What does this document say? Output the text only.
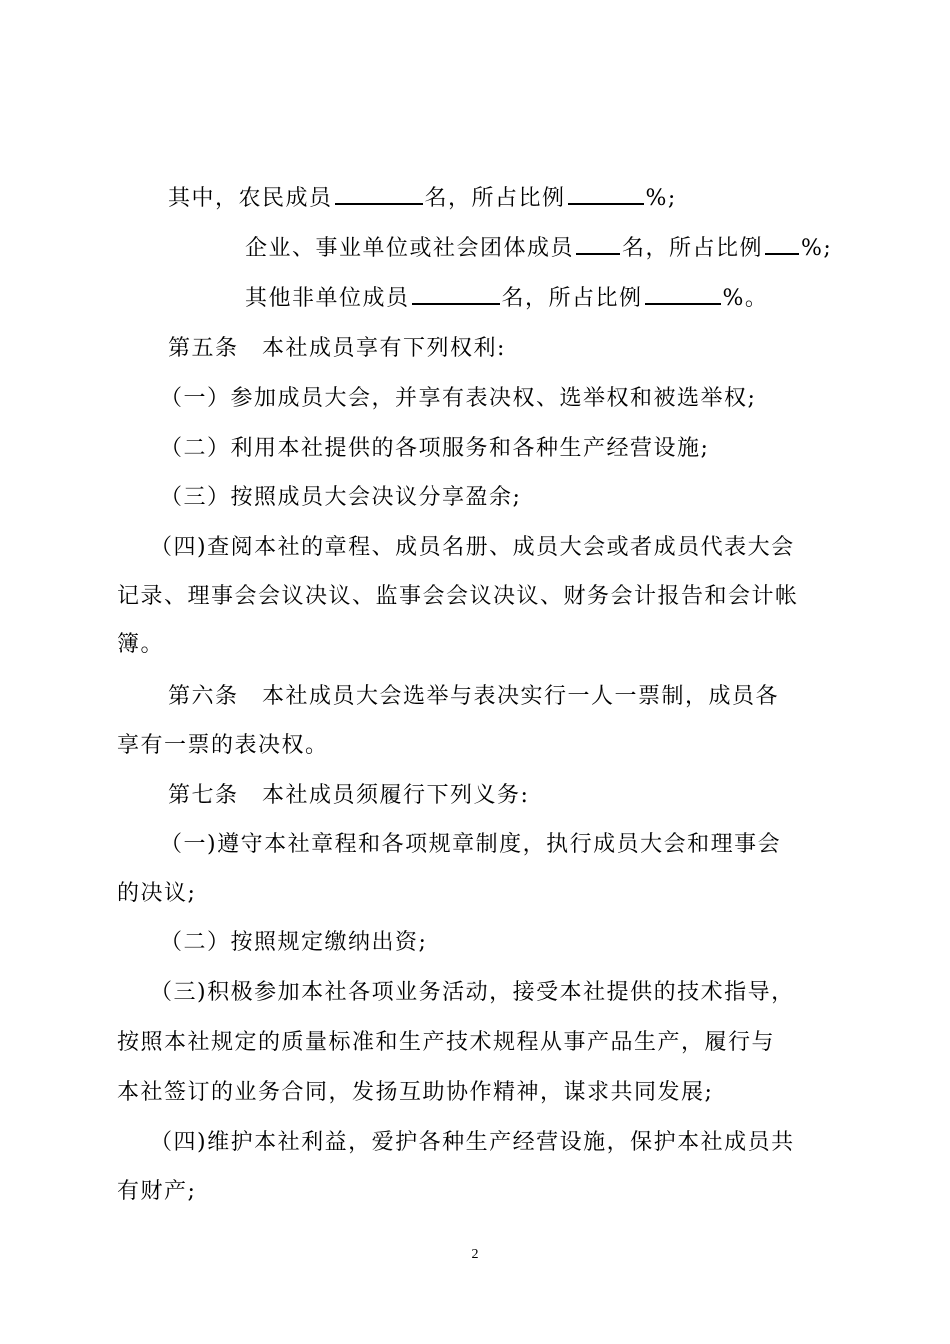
其中，农民成员	名，所占比例	%;
企业、事业单位或社会团体成员 名，所占比例 %;
其他非单位成员	名，所占比例	%。
第五条　本社成员享有下列权利:
（一）参加成员大会，并享有表决权、选举权和被选举权;
（二）利用本社提供的各项服务和各种生产经营设施;
（三）按照成员大会决议分享盈余;
（四)查阅本社的章程、成员名册、成员大会或者成员代表大会
记录、理事会会议决议、监事会会议决议、财务会计报告和会计帐
簿。
第六条　本社成员大会选举与表决实行一人一票制，成员各
享有一票的表决权。
第七条　本社成员须履行下列义务:
（一)遵守本社章程和各项规章制度，执行成员大会和理事会
的决议;
（二）按照规定缴纳出资;
（三)积极参加本社各项业务活动，接受本社提供的技术指导，
按照本社规定的质量标准和生产技术规程从事产品生产，履行与
本社签订的业务合同，发扬互助协作精神，谋求共同发展;
（四)维护本社利益，爱护各种生产经营设施，保护本社成员共
有财产;
2
